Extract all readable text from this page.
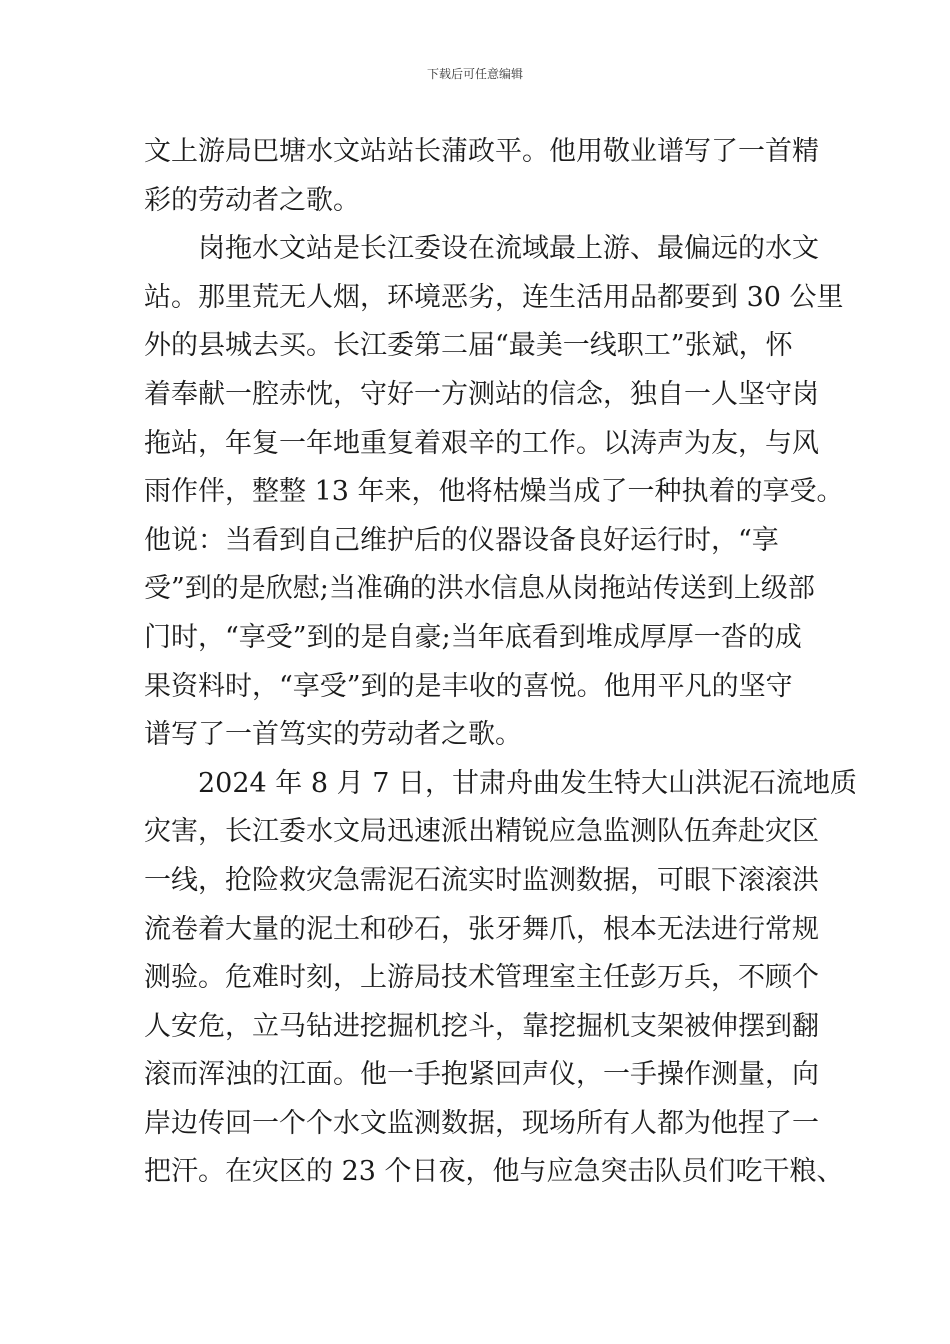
下载后可任意编辑
文上游局巴塘水文站站长蒲政平。他用敬业谱写了一首精
彩的劳动者之歌。
岗拖水文站是长江委设在流域最上游、最偏远的水文
站。那里荒无人烟，环境恶劣，连生活用品都要到 30 公里
外的县城去买。长江委第二届“最美一线职工”张斌，怀
着奉献一腔赤忱，守好一方测站的信念，独自一人坚守岗
拖站，年复一年地重复着艰辛的工作。以涛声为友，与风
雨作伴，整整 13 年来，他将枯燥当成了一种执着的享受。
他说：当看到自己维护后的仪器设备良好运行时，“享
受”到的是欣慰;当准确的洪水信息从岗拖站传送到上级部
门时，“享受”到的是自豪;当年底看到堆成厚厚一沓的成
果资料时，“享受”到的是丰收的喜悦。他用平凡的坚守
谱写了一首笃实的劳动者之歌。
2024 年 8 月 7 日，甘肃舟曲发生特大山洪泥石流地质
灾害，长江委水文局迅速派出精锐应急监测队伍奔赴灾区
一线，抢险救灾急需泥石流实时监测数据，可眼下滚滚洪
流卷着大量的泥土和砂石，张牙舞爪，根本无法进行常规
测验。危难时刻，上游局技术管理室主任彭万兵，不顾个
人安危，立马钻进挖掘机挖斗，靠挖掘机支架被伸摆到翻
滚而浑浊的江面。他一手抱紧回声仪，一手操作测量，向
岸边传回一个个水文监测数据，现场所有人都为他捏了一
把汗。在灾区的 23 个日夜，他与应急突击队员们吃干粮、
